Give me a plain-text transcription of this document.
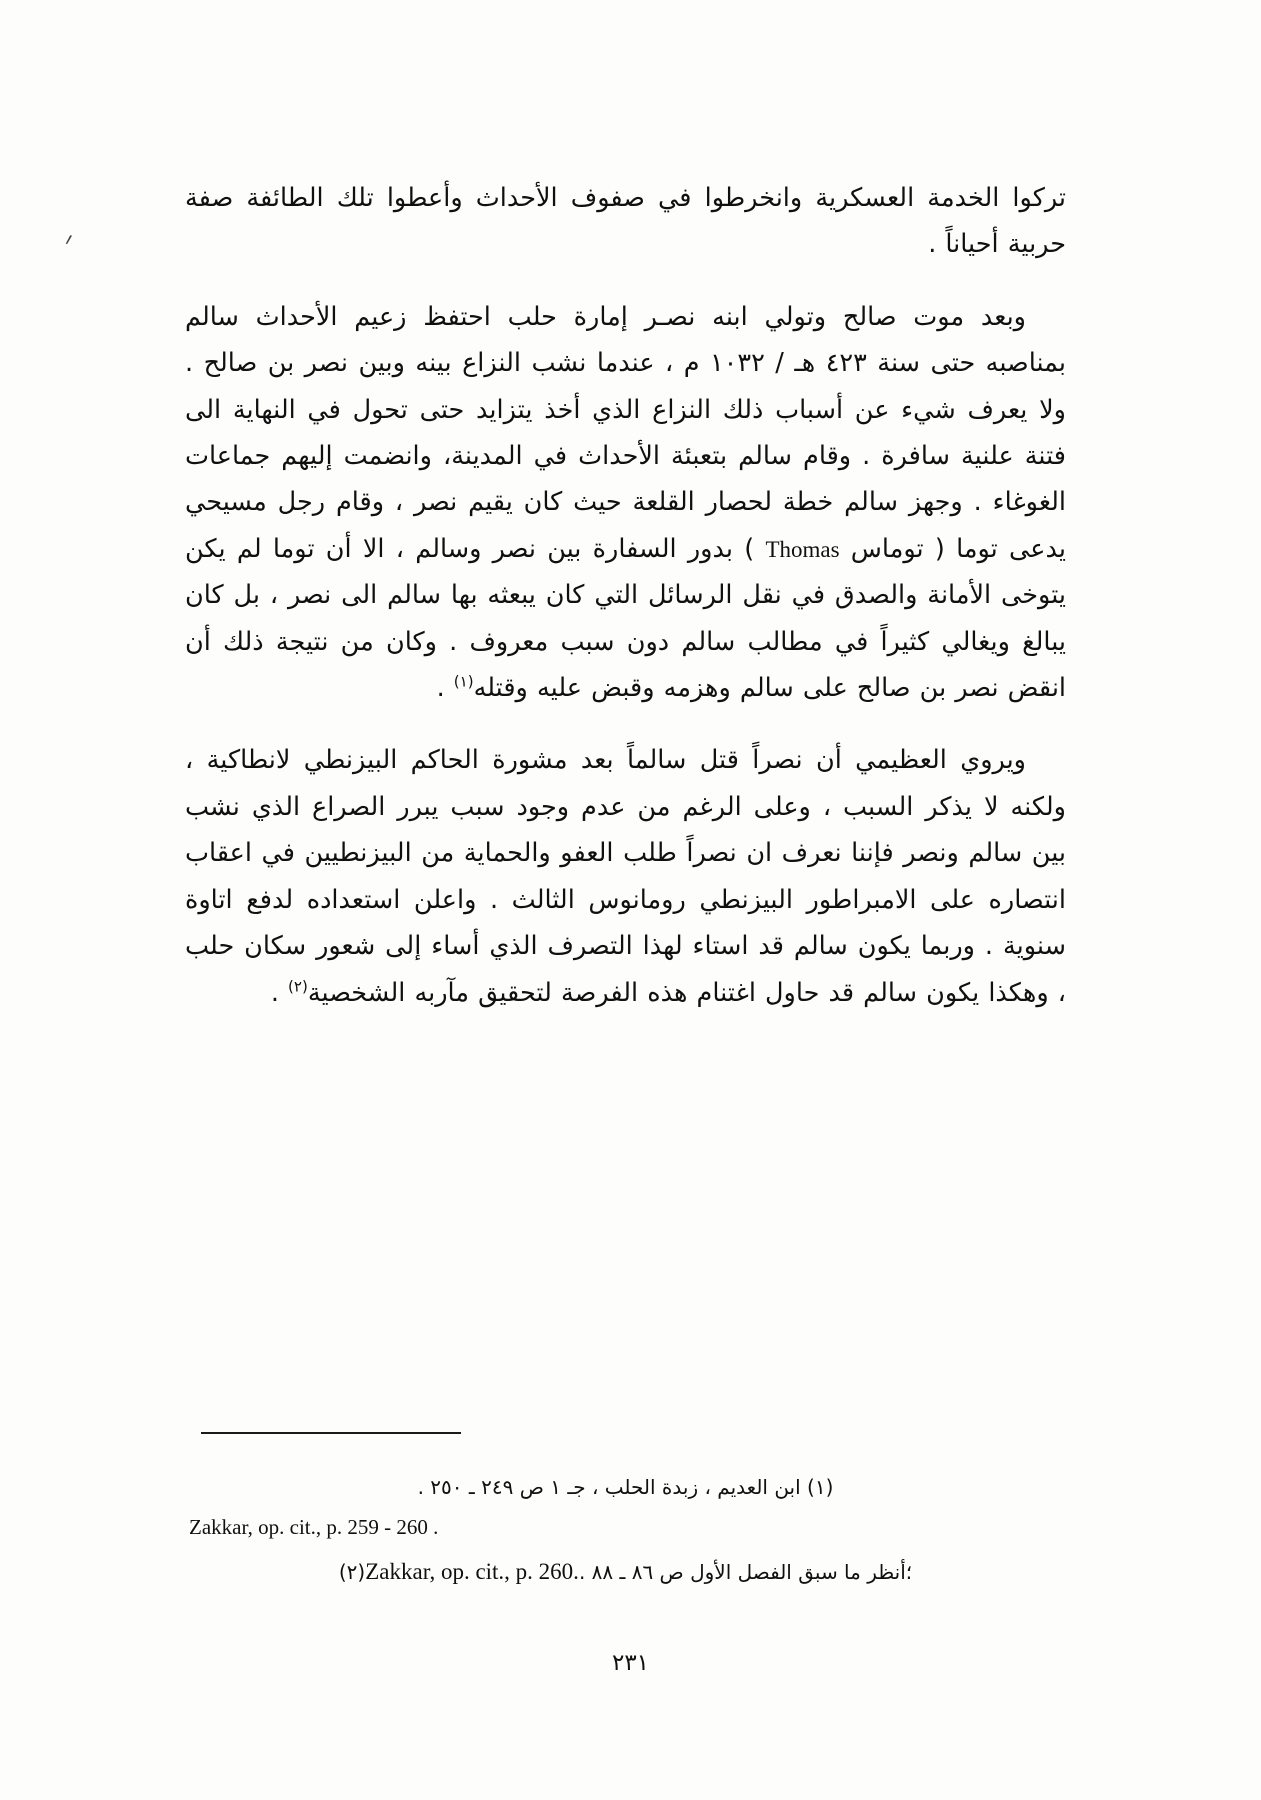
؍

تركوا الخدمة العسكرية وانخرطوا في صفوف الأحداث وأعطوا تلك الطائفة صفة حربية أحياناً .

وبعد موت صالح وتولي ابنه نصـر إمارة حلب احتفظ زعيم الأحداث سالم بمناصبه حتى سنة ٤٢٣ هـ / ١٠٣٢ م ، عندما نشب النزاع بينه وبين نصر بن صالح . ولا يعرف شيء عن أسباب ذلك النزاع الذي أخذ يتزايد حتى تحول في النهاية الى فتنة علنية سافرة . وقام سالم بتعبئة الأحداث في المدينة، وانضمت إليهم جماعات الغوغاء . وجهز سالم خطة لحصار القلعة حيث كان يقيم نصر ، وقام رجل مسيحي يدعى توما ( توماس Thomas ) بدور السفارة بين نصر وسالم ، الا أن توما لم يكن يتوخى الأمانة والصدق في نقل الرسائل التي كان يبعثه بها سالم الى نصر ، بل كان يبالغ ويغالي كثيراً في مطالب سالم دون سبب معروف . وكان من نتيجة ذلك أن انقض نصر بن صالح على سالم وهزمه وقبض عليه وقتله$^{(١)}$ .

ويروي العظيمي أن نصراً قتل سالماً بعد مشورة الحاكم البيزنطي لانطاكية ، ولكنه لا يذكر السبب ، وعلى الرغم من عدم وجود سبب يبرر الصراع الذي نشب بين سالم ونصر فإننا نعرف ان نصراً طلب العفو والحماية من البيزنطيين في اعقاب انتصاره على الامبراطور البيزنطي رومانوس الثالث . واعلن استعداده لدفع اتاوة سنوية . وربما يكون سالم قد استاء لهذا التصرف الذي أساء إلى شعور سكان حلب ، وهكذا يكون سالم قد حاول اغتنام هذه الفرصة لتحقيق مآربه الشخصية$^{(٢)}$ .

(١) ابن العديم ، زبدة الحلب ، جـ ١ ص ٢٤٩ ـ ٢٥٠ .
Zakkar, op. cit., p. 259 - 260 .
؛أنظر ما سبق الفصل الأول ص ٨٦ ـ ٨٨ .Zakkar, op. cit., p. 260.(٢)
٢٣١
